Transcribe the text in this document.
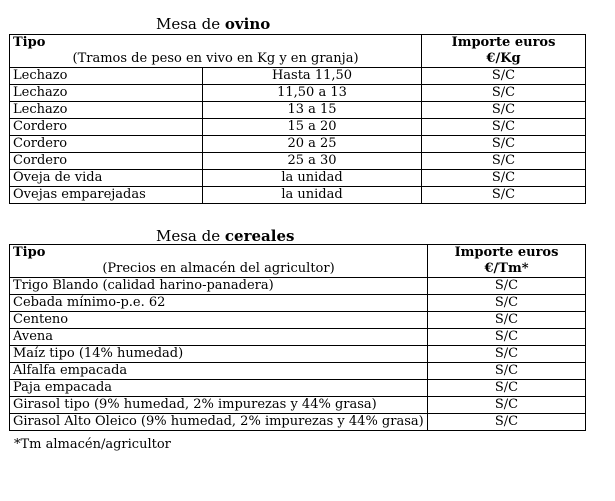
Mesa de ovino
Tipo
(Tramos de peso en vivo en Kg y en granja)		Importe euros
€/Kg
Lechazo	Hasta 11,50	S/C
Lechazo	11,50 a 13	S/C
Lechazo	13 a 15	S/C
Cordero	15 a 20	S/C
Cordero	20 a 25	S/C
Cordero	25 a 30	S/C
Oveja de vida	la unidad	S/C
Ovejas emparejadas	la unidad	S/C
Mesa de cereales
Tipo
(Precios en almacén del agricultor)	Importe euros
€/Tm*
Trigo Blando (calidad harino-panadera)	S/C
Cebada mínimo-p.e. 62	S/C
Centeno	S/C
Avena	S/C
Maíz tipo (14% humedad)	S/C
Alfalfa empacada	S/C
Paja empacada	S/C
Girasol tipo (9% humedad, 2% impurezas y 44% grasa)	S/C
Girasol Alto Oleico (9% humedad, 2% impurezas y 44% grasa)	S/C
*Tm almacén/agricultor
